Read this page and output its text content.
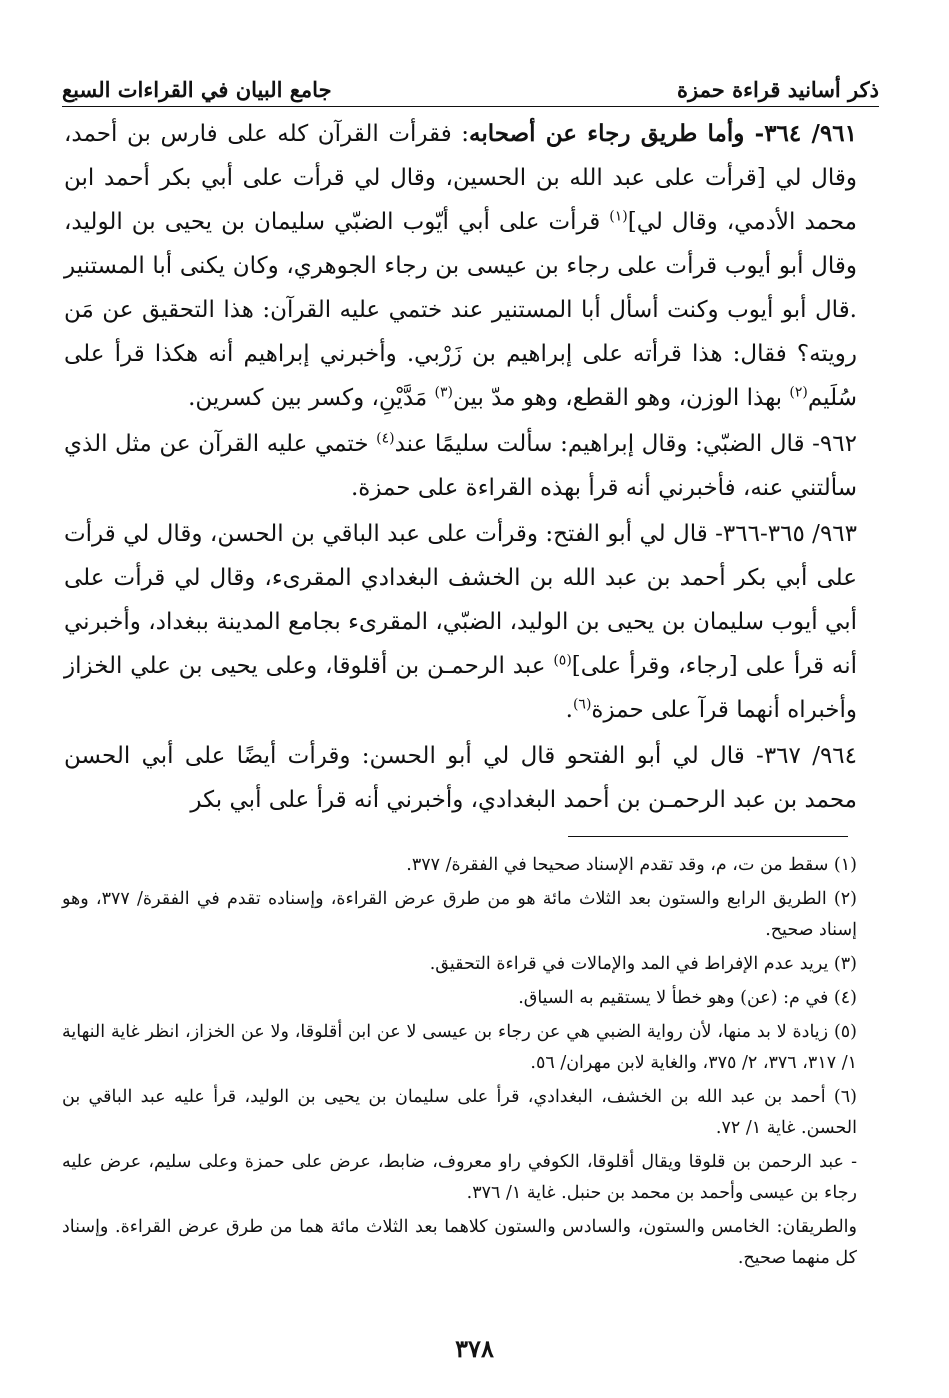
ذكر أسانيد قراءة حمزة
جامع البيان في القراءات السبع

٩٦١/ ٣٦٤- وأما طريق رجاء عن أصحابه: فقرأت القرآن كله على فارس بن أحمد، وقال لي [قرأت على عبد الله بن الحسين، وقال لي قرأت على أبي بكر أحمد ابن محمد الأدمي، وقال لي]$^{(١)}$ قرأت على أبي أيّوب الضبّي سليمان بن يحيى بن الوليد، وقال أبو أيوب قرأت على رجاء بن عيسى بن رجاء الجوهري، وكان يكنى أبا المستنير .قال أبو أيوب وكنت أسأل أبا المستنير عند ختمي عليه القرآن: هذا التحقيق عن مَن رويته؟ فقال: هذا قرأته على إبراهيم بن زَرْبي. وأخبرني إبراهيم أنه هكذا قرأ على سُلَيم$^{(٢)}$ بهذا الوزن، وهو القطع، وهو مدّ بين$^{(٣)}$ مَدَّيْنِ، وكسر بين كسرين.

٩٦٢- قال الضبّي: وقال إبراهيم: سألت سليمًا عند$^{(٤)}$ ختمي عليه القرآن عن مثل الذي سألتني عنه، فأخبرني أنه قرأ بهذه القراءة على حمزة.

٩٦٣/ ٣٦٥-٣٦٦- قال لي أبو الفتح: وقرأت على عبد الباقي بن الحسن، وقال لي قرأت على أبي بكر أحمد بن عبد الله بن الخشف البغدادي المقرىء، وقال لي قرأت على أبي أيوب سليمان بن يحيى بن الوليد، الضبّي، المقرىء بجامع المدينة ببغداد، وأخبرني أنه قرأ على [رجاء، وقرأ على]$^{(٥)}$ عبد الرحمـن بن أقلوقا، وعلى يحيى بن علي الخزاز وأخبراه أنهما قرآ على حمزة$^{(٦)}$.

٩٦٤/ ٣٦٧- قال لي أبو الفتحو قال لي أبو الحسن: وقرأت أيضًا على أبي الحسن محمد بن عبد الرحمـن بن أحمد البغدادي، وأخبرني أنه قرأ على أبي بكر

(١) سقط من ت، م، وقد تقدم الإسناد صحيحا في الفقرة/ ٣٧٧.

(٢) الطريق الرابع والستون بعد الثلاث مائة هو من طرق عرض القراءة، وإسناده تقدم في الفقرة/ ٣٧٧، وهو إسناد صحيح.

(٣) يريد عدم الإفراط في المد والإمالات في قراءة التحقيق.

(٤) في م: (عن) وهو خطأ لا يستقيم به السياق.

(٥) زيادة لا بد منها، لأن رواية الضبي هي عن رجاء بن عيسى لا عن ابن أقلوقا، ولا عن الخزاز، انظر غاية النهاية ١/ ٣١٧، ٣٧٦، ٢/ ٣٧٥، والغاية لابن مهران/ ٥٦.

(٦) أحمد بن عبد الله بن الخشف، البغدادي، قرأ على سليمان بن يحيى بن الوليد، قرأ عليه عبد الباقي بن الحسن. غاية ١/ ٧٢.

- عبد الرحمن بن قلوقا ويقال أقلوقا، الكوفي راو معروف، ضابط، عرض على حمزة وعلى سليم، عرض عليه رجاء بن عيسى وأحمد بن محمد بن حنبل. غاية ١/ ٣٧٦.

والطريقان: الخامس والستون، والسادس والستون كلاهما بعد الثلاث مائة هما من طرق عرض القراءة. وإسناد كل منهما صحيح.

٣٧٨
